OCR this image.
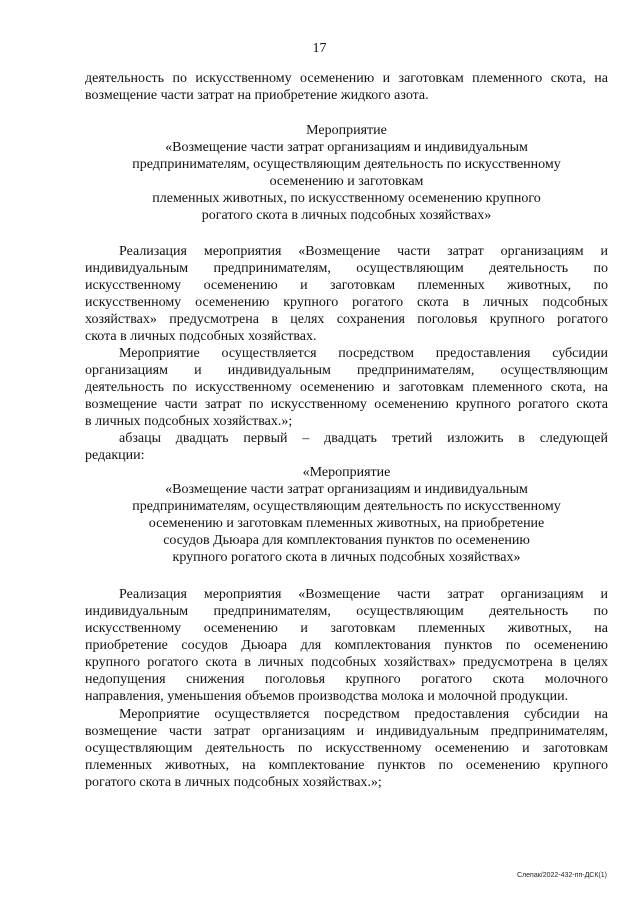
17
деятельность по искусственному осеменению и заготовкам племенного скота, на
возмещение части затрат на приобретение жидкого азота.
Мероприятие
«Возмещение части затрат организациям и индивидуальным
предпринимателям, осуществляющим деятельность по искусственному
осеменению и заготовкам
племенных животных, по искусственному осеменению крупного
рогатого скота в личных подсобных хозяйствах»
Реализация мероприятия «Возмещение части затрат организациям и
индивидуальным предпринимателям, осуществляющим деятельность по
искусственному осеменению и заготовкам племенных животных, по
искусственному осеменению крупного рогатого скота в личных подсобных
хозяйствах» предусмотрена в целях сохранения поголовья крупного рогатого
скота в личных подсобных хозяйствах.
Мероприятие осуществляется посредством предоставления субсидии
организациям и индивидуальным предпринимателям, осуществляющим
деятельность по искусственному осеменению и заготовкам племенного скота, на
возмещение части затрат по искусственному осеменению крупного рогатого скота
в личных подсобных хозяйствах.»;
абзацы двадцать первый – двадцать третий изложить в следующей
редакции:
«Мероприятие
«Возмещение части затрат организациям и индивидуальным
предпринимателям, осуществляющим деятельность по искусственному
осеменению и заготовкам племенных животных, на приобретение
сосудов Дьюара для комплектования пунктов по осеменению
крупного рогатого скота в личных подсобных хозяйствах»
Реализация мероприятия «Возмещение части затрат организациям и
индивидуальным предпринимателям, осуществляющим деятельность по
искусственному осеменению и заготовкам племенных животных, на
приобретение сосудов Дьюара для комплектования пунктов по осеменению
крупного рогатого скота в личных подсобных хозяйствах» предусмотрена в целях
недопущения снижения поголовья крупного рогатого скота молочного
направления, уменьшения объемов производства молока и молочной продукции.
Мероприятие осуществляется посредством предоставления субсидии на
возмещение части затрат организациям и индивидуальным предпринимателям,
осуществляющим деятельность по искусственному осеменению и заготовкам
племенных животных, на комплектование пунктов по осеменению крупного
рогатого скота в личных подсобных хозяйствах.»;
Слепак/2022-432-пп-ДСК(1)
